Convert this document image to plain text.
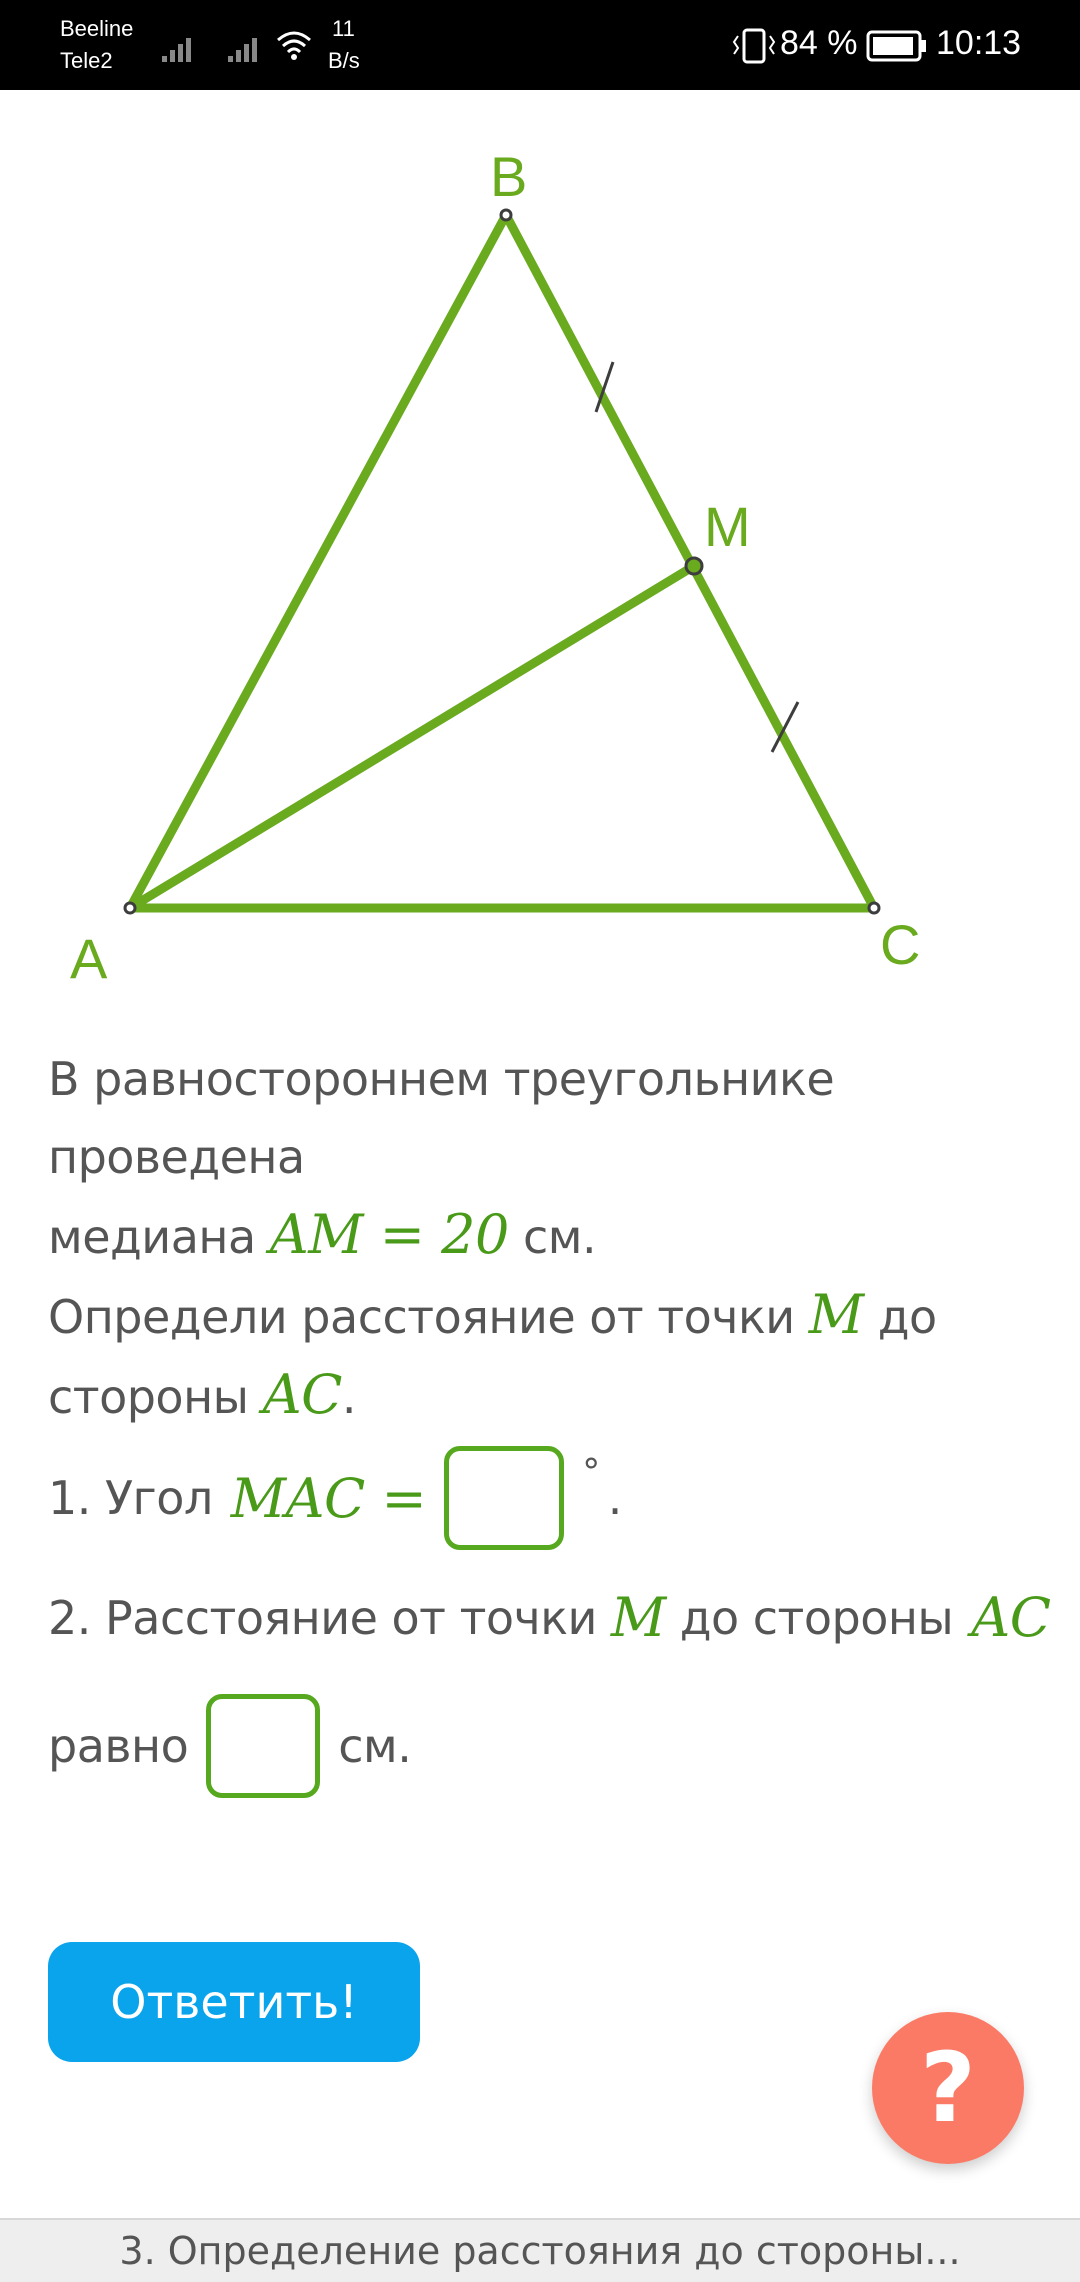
Beeline
Tele2
11
B/s	84 % 10:13
B
M
A	C
В равностороннем треугольнике проведена
медиана AM = 20 см.
Определи расстояние от точки M до
стороны AC.
1. Угол MAC =	° .
2. Расстояние от точки M до стороны AC
равно	см.
Ответить!
?
3. Определение расстояния до стороны...
